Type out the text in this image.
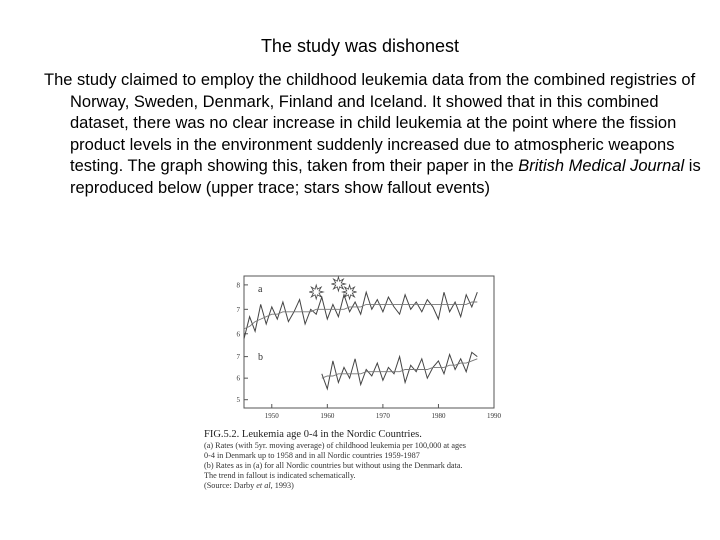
The study was dishonest
The study claimed to employ the childhood leukemia data from the combined registries of Norway, Sweden, Denmark, Finland and Iceland. It showed that in this combined dataset, there was no clear increase in child leukemia at the point where the fission product levels in the environment suddenly increased due to atmospheric weapons testing. The graph showing this, taken from their paper in the British Medical Journal is reproduced below (upper trace; stars show fallout events)
1950	1960	1970	1980	1990
8
7
6
a
7
6
5
b
FIG.5.2. Leukemia age 0-4 in the Nordic Countries.
(a) Rates (with 5yr. moving average) of childhood leukemia per 100,000 at ages
0-4 in Denmark up to 1958 and in all Nordic countries 1959-1987
(b) Rates as in (a) for all Nordic countries but without using the Denmark data.
The trend in fallout is indicated schematically.
(Source: Darby et al, 1993)
